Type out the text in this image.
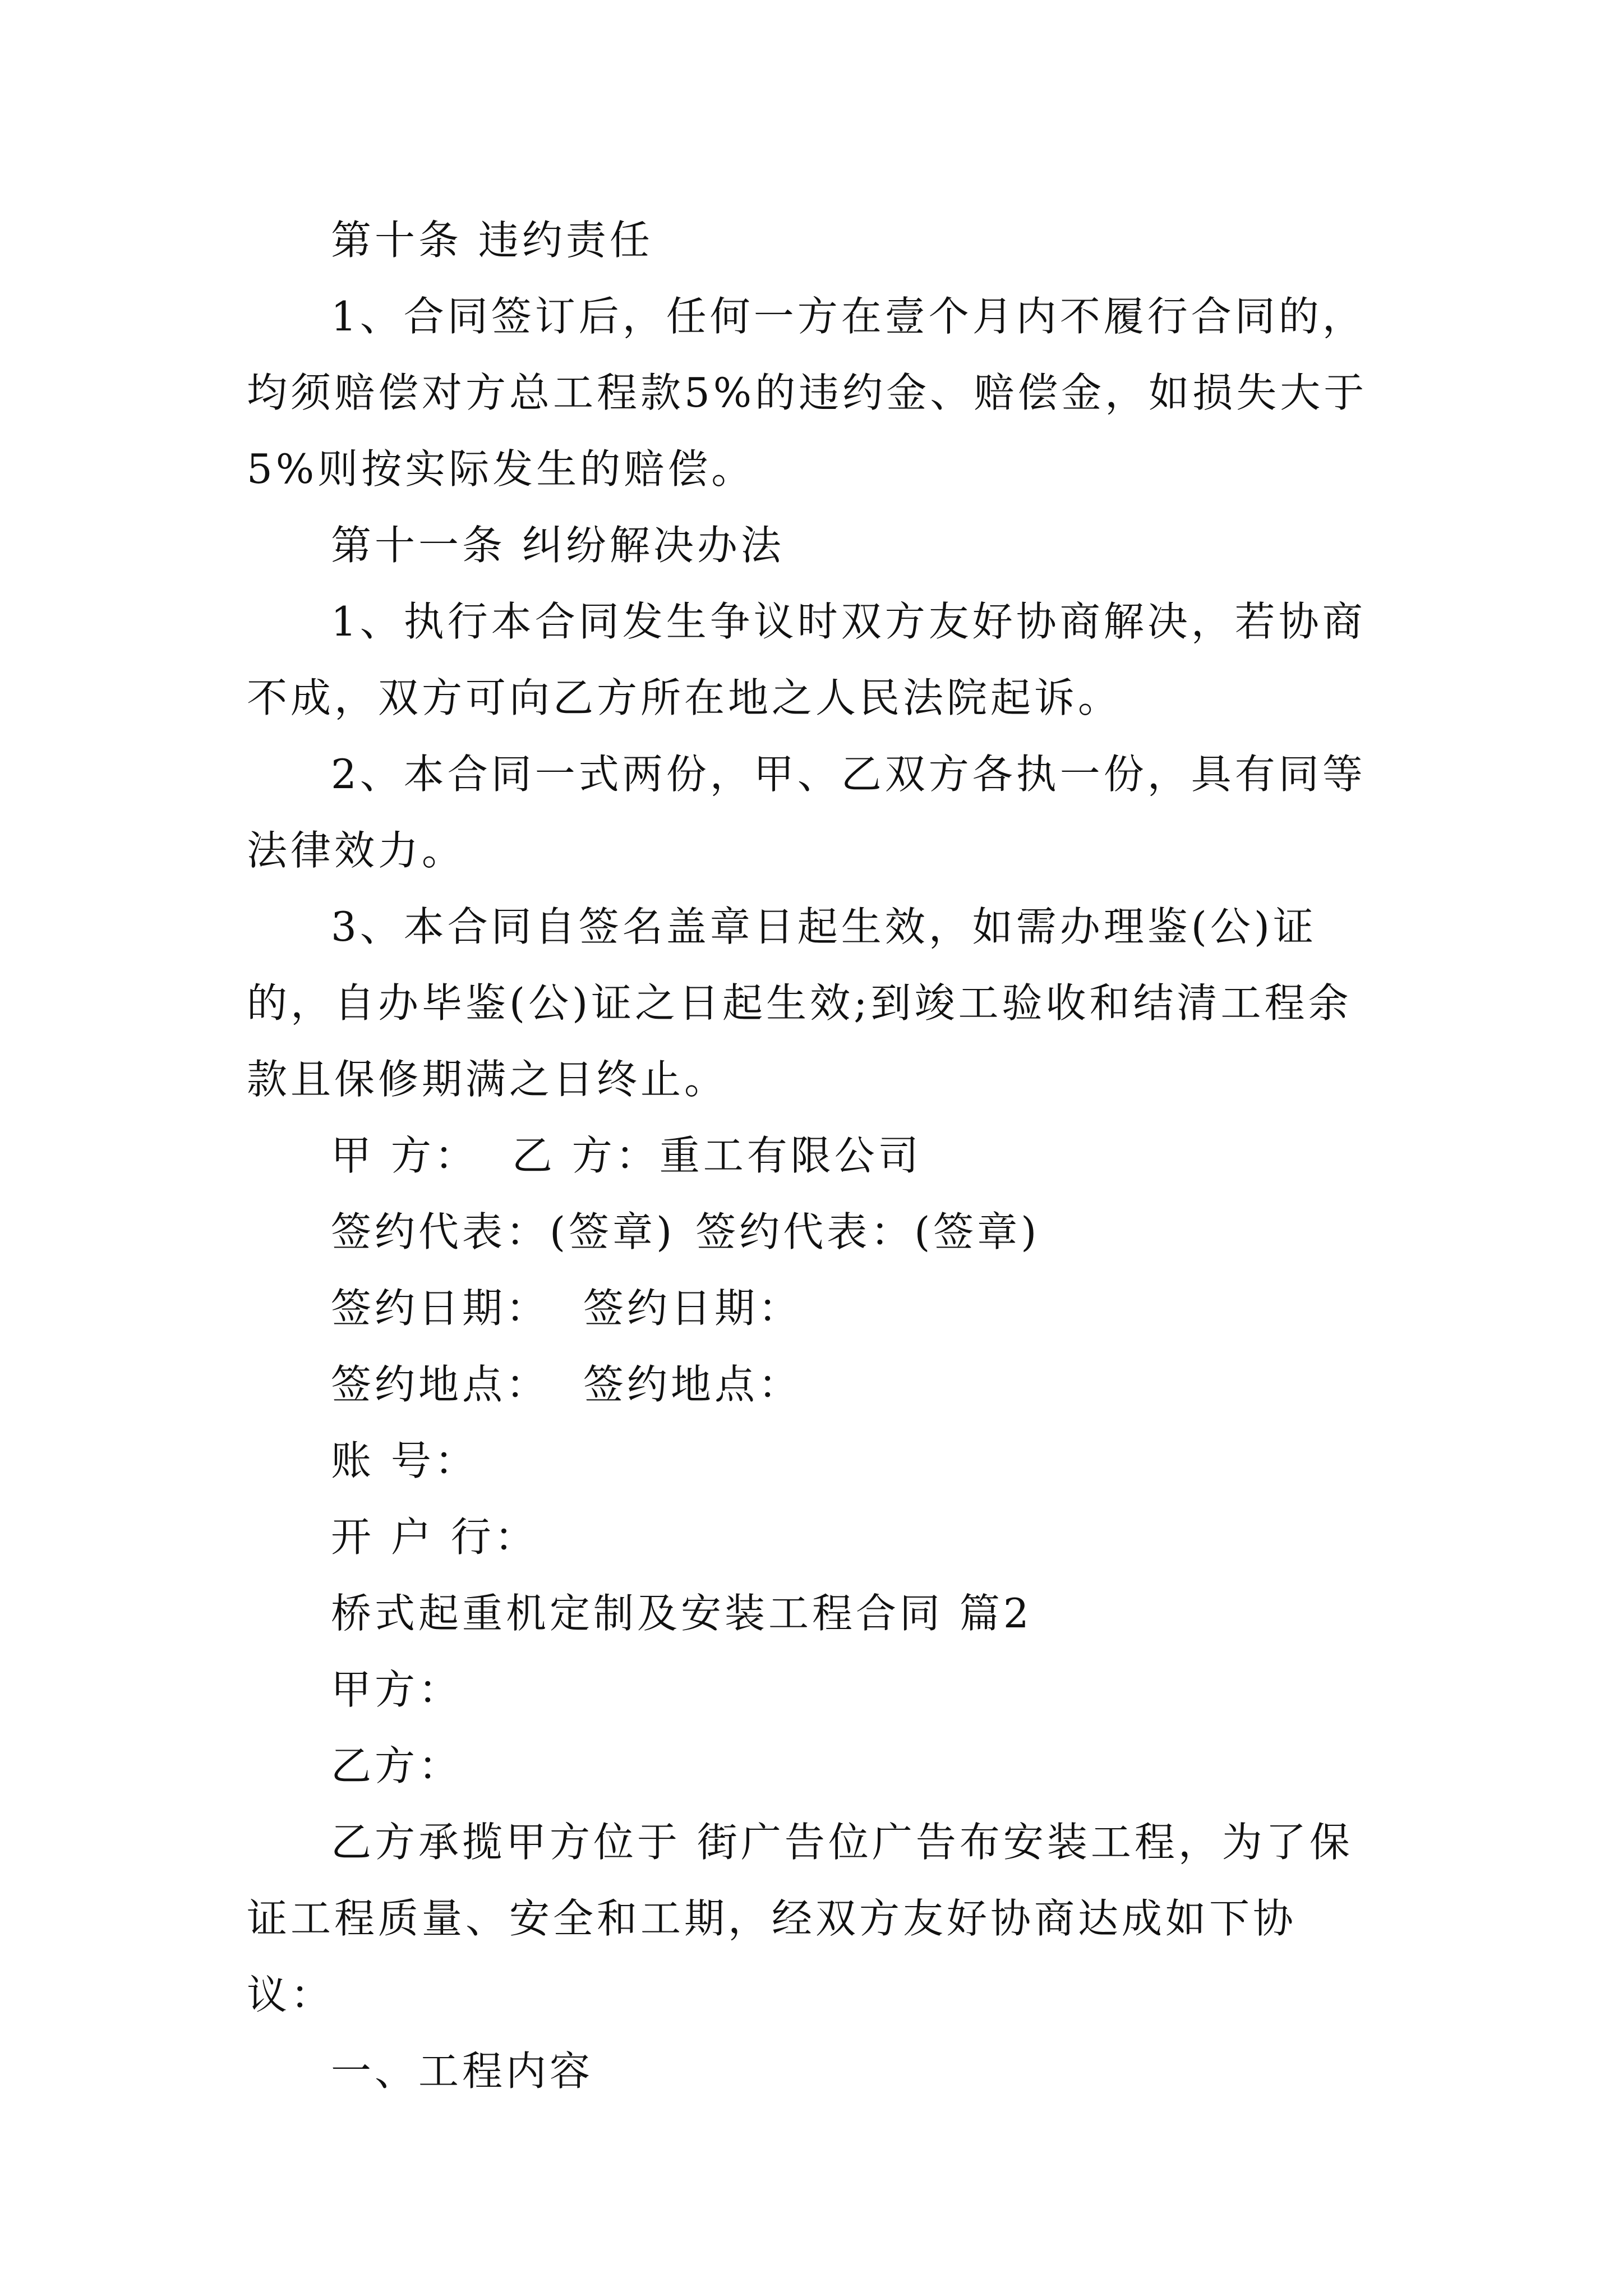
第十条 违约责任

1、合同签订后，任何一方在壹个月内不履行合同的，均须赔偿对方总工程款5%的违约金、赔偿金，如损失大于5%则按实际发生的赔偿。

第十一条 纠纷解决办法

1、执行本合同发生争议时双方友好协商解决，若协商不成，双方可向乙方所在地之人民法院起诉。

2、本合同一式两份，甲、乙双方各执一份，具有同等法律效力。

3、本合同自签名盖章日起生效，如需办理鉴(公)证的，自办毕鉴(公)证之日起生效;到竣工验收和结清工程余款且保修期满之日终止。

甲 方： 乙 方：重工有限公司

签约代表：(签章) 签约代表：(签章)

签约日期： 签约日期：

签约地点： 签约地点：

账 号：

开 户 行：

桥式起重机定制及安装工程合同 篇2

甲方：

乙方：

乙方承揽甲方位于 街广告位广告布安装工程，为了保证工程质量、安全和工期，经双方友好协商达成如下协议：

一、工程内容
